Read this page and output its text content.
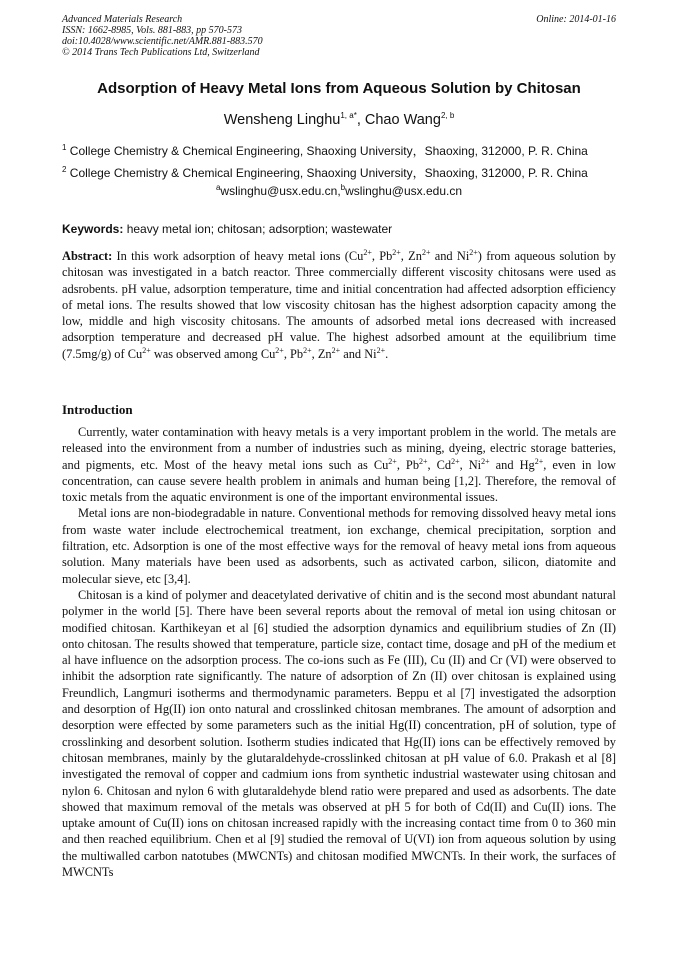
Advanced Materials Research
ISSN: 1662-8985, Vols. 881-883, pp 570-573
doi:10.4028/www.scientific.net/AMR.881-883.570
© 2014 Trans Tech Publications Ltd, Switzerland
Online: 2014-01-16
Adsorption of Heavy Metal Ions from Aqueous Solution by Chitosan
Wensheng Linghu$^{1, a*}$, Chao Wang$^{2, b}$
$^1$ College Chemistry & Chemical Engineering, Shaoxing University，Shaoxing, 312000, P. R. China
$^2$ College Chemistry & Chemical Engineering, Shaoxing University，Shaoxing, 312000, P. R. China
$^a$wslinghu@usx.edu.cn,$^b$wslinghu@usx.edu.cn
Keywords: heavy metal ion; chitosan; adsorption; wastewater
Abstract: In this work adsorption of heavy metal ions ($Cu^{2+}$, $Pb^{2+}$, $Zn^{2+}$ and $Ni^{2+}$) from aqueous solution by chitosan was investigated in a batch reactor. Three commercially different viscosity chitosans were used as adsrobents. pH value, adsorption temperature, time and initial concentration had affected adsorption efficiency of metal ions. The results showed that low viscosity chitosan has the highest adsorption capacity among the low, middle and high viscosity chitosans. The amounts of adsorbed metal ions decreased with increased adsorption temperature and decreased pH value. The highest adsorbed amount at the equilibrium time (7.5mg/g) of $Cu^{2+}$ was observed among $Cu^{2+}$, $Pb^{2+}$, $Zn^{2+}$ and $Ni^{2+}$.
Introduction

Currently, water contamination with heavy metals is a very important problem in the world. The metals are released into the environment from a number of industries such as mining, dyeing, electric storage batteries, and pigments, etc. Most of the heavy metal ions such as $Cu^{2+}$, $Pb^{2+}$, $Cd^{2+}$, $Ni^{2+}$ and $Hg^{2+}$, even in low concentration, can cause severe health problem in animals and human being [1,2]. Therefore, the removal of toxic metals from the aquatic environment is one of the important environmental issues.

Metal ions are non-biodegradable in nature. Conventional methods for removing dissolved heavy metal ions from waste water include electrochemical treatment, ion exchange, chemical precipitation, sorption and filtration, etc. Adsorption is one of the most effective ways for the removal of heavy metal ions from aqueous solution. Many materials have been used as adsorbents, such as activated carbon, silicon, diatomite and molecular sieve, etc [3,4].

Chitosan is a kind of polymer and deacetylated derivative of chitin and is the second most abundant natural polymer in the world [5]. There have been several reports about the removal of metal ion using chitosan or modified chitosan. Karthikeyan et al [6] studied the adsorption dynamics and equilibrium studies of Zn (II) onto chitosan. The results showed that temperature, particle size, contact time, dosage and pH of the medium et al have influence on the adsorption process. The co-ions such as Fe (III), Cu (II) and Cr (VI) were observed to inhibit the adsorption rate significantly. The nature of adsorption of Zn (II) over chitosan is explained using Freundlich, Langmuri isotherms and thermodynamic parameters. Beppu et al [7] investigated the adsorption and desorption of Hg(II) ion onto natural and crosslinked chitosan membranes. The amount of adsorption and desorption were effected by some parameters such as the initial Hg(II) concentration, pH of solution, type of crosslinking and desorbent solution. Isotherm studies indicated that Hg(II) ions can be effectively removed by chitosan membranes, mainly by the glutaraldehyde-crosslinked chitosan at pH value of 6.0. Prakash et al [8] investigated the removal of copper and cadmium ions from synthetic industrial wastewater using chitosan and nylon 6. Chitosan and nylon 6 with glutaraldehyde blend ratio were prepared and used as adsorbents. The date showed that maximum removal of the metals was observed at pH 5 for both of Cd(II) and Cu(II) ions. The uptake amount of Cu(II) ions on chitosan increased rapidly with the increasing contact time from 0 to 360 min and then reached equilibrium. Chen et al [9] studied the removal of U(VI) ion from aqueous solution by using the multiwalled carbon natotubes (MWCNTs) and chitosan modified MWCNTs. In their work, the surfaces of MWCNTs
